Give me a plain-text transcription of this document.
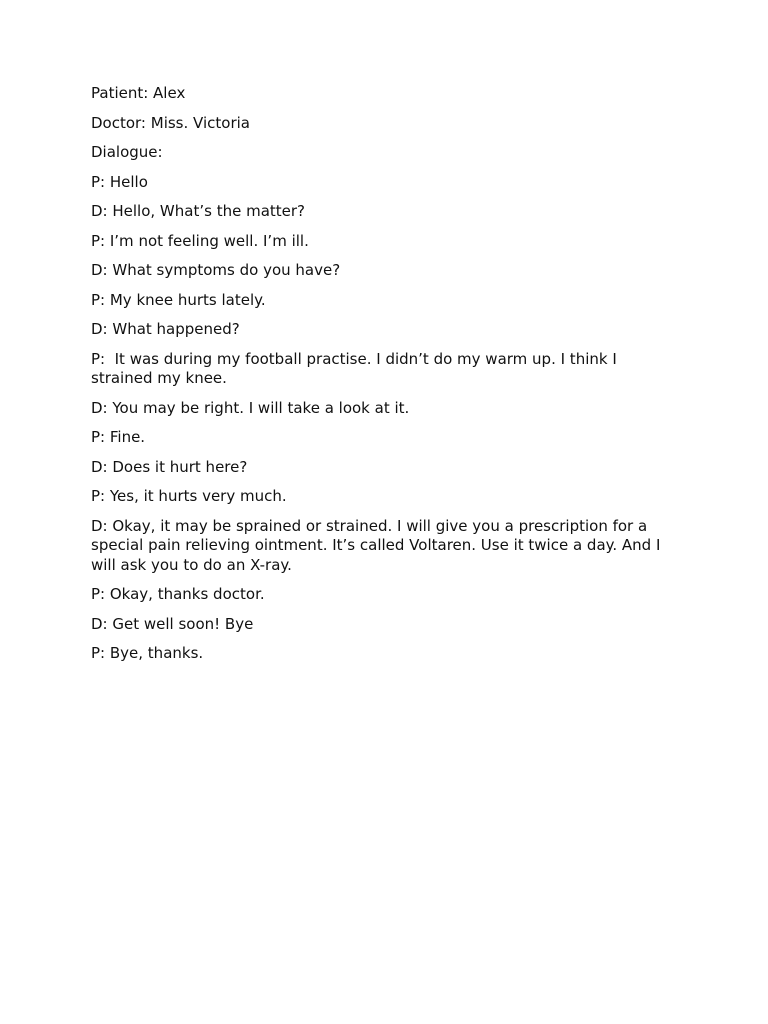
Patient: Alex

Doctor: Miss. Victoria

Dialogue:

P: Hello

D: Hello, What’s the matter?

P: I’m not feeling well. I’m ill.

D: What symptoms do you have?

P: My knee hurts lately.

D: What happened?

P:  It was during my football practise. I didn’t do my warm up. I think I strained my knee.

D: You may be right. I will take a look at it.

P: Fine.

D: Does it hurt here?

P: Yes, it hurts very much.

D: Okay, it may be sprained or strained. I will give you a prescription for a special pain relieving ointment. It’s called Voltaren. Use it twice a day. And I will ask you to do an X-ray.

P: Okay, thanks doctor.

D: Get well soon! Bye

P: Bye, thanks.
